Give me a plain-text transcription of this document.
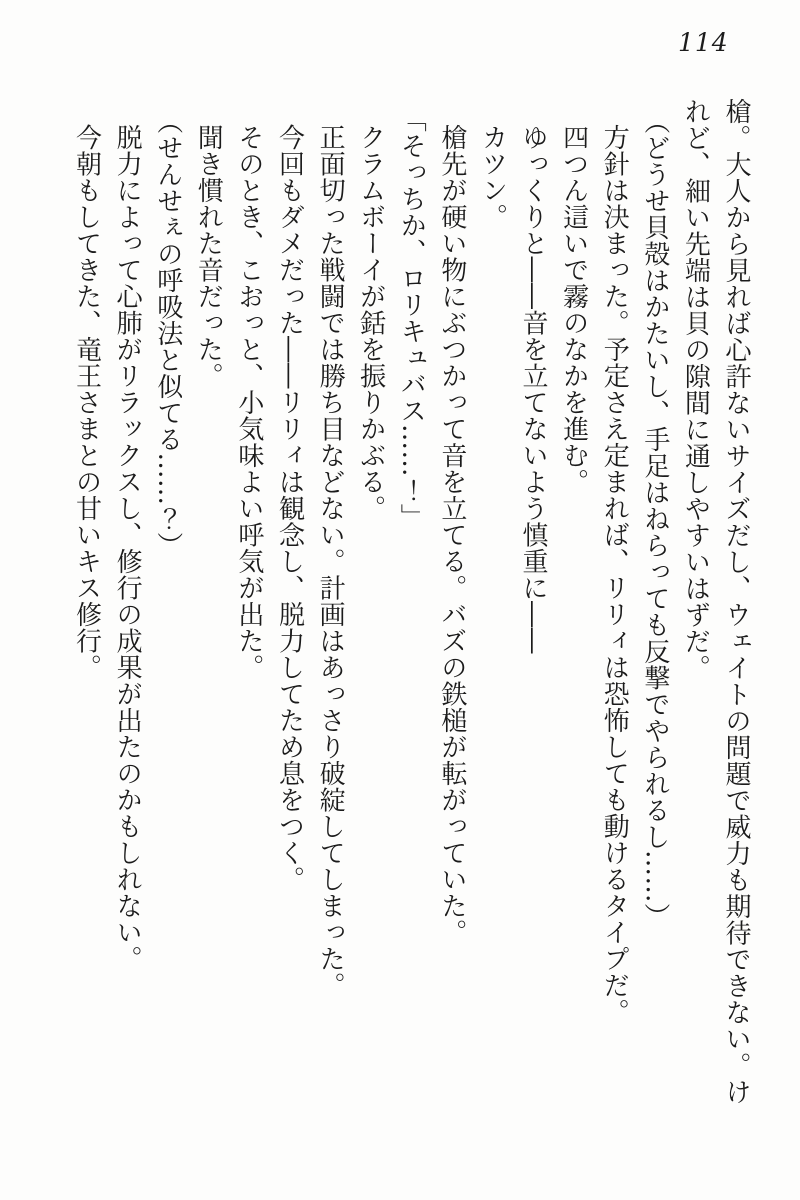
114

槍。大人から見れば心許ないサイズだし、ウェイトの問題で威力も期待できない。け

れど、細い先端は貝の隙間に通しやすいはずだ。

（どうせ貝殻はかたいし、手足はねらっても反撃でやられるし……）

方針は決まった。予定さえ定まれば、リリィは恐怖しても動けるタイプだ。

四つん這いで霧のなかを進む。

ゆっくりと――音を立てないよう慎重に――

カツン。

槍先が硬い物にぶつかって音を立てる。バズの鉄槌が転がっていた。

「そっちか、ロリキュバス……！」

クラムボーイが銛を振りかぶる。

正面切った戦闘では勝ち目などない。計画はあっさり破綻してしまった。

今回もダメだった――リリィは観念し、脱力してため息をつく。

そのとき、こおっと、小気味よい呼気が出た。

聞き慣れた音だった。

（せんせぇの呼吸法と似てる……？）

脱力によって心肺がリラックスし、修行の成果が出たのかもしれない。

今朝もしてきた、竜王さまとの甘いキス修行。
